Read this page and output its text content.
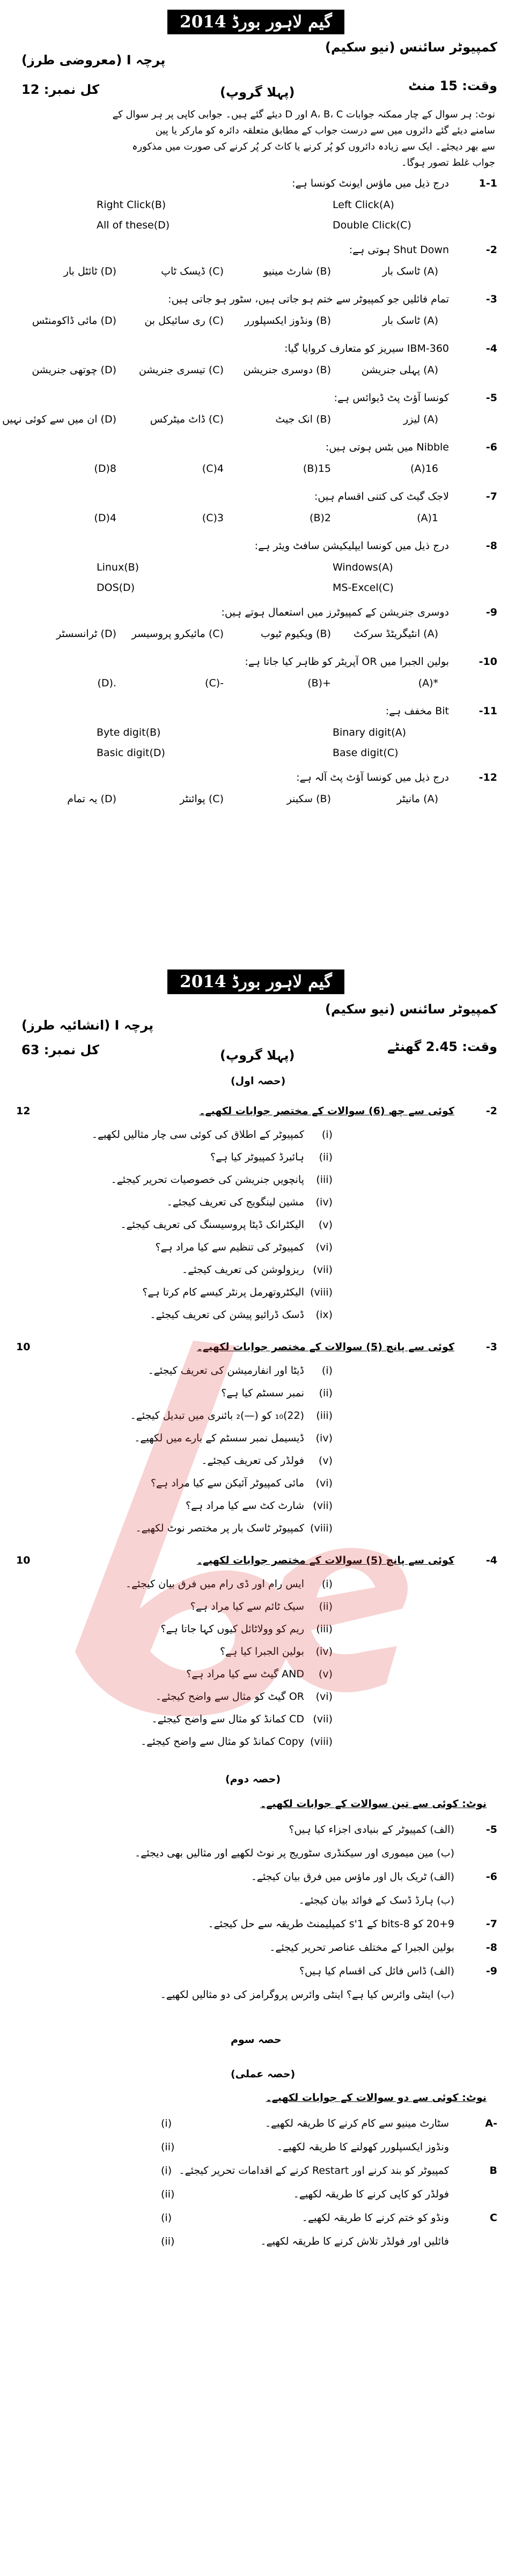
گیم لاہور بورڈ 2014
کمپیوٹر سائنس (نیو سکیم)
پرچہ I (معروضی طرز)
وقت: 15 منٹ
(پہلا گروپ)
کل نمبر: 12
نوٹ: ہر سوال کے چار ممکنہ جوابات A، B، C اور D دیئے گئے ہیں۔ جوابی کاپی پر ہر سوال کے
سامنے دیئے گئے دائروں میں سے درست جواب کے مطابق متعلقہ دائرہ کو مارکر یا پین
سے بھر دیجئے۔ ایک سے زیادہ دائروں کو پُر کرنے یا کاٹ کر پُر کرنے کی صورت میں مذکورہ
جواب غلط تصور ہوگا۔
1-1
درج ذیل میں ماؤس ایونٹ کونسا ہے:
Left Click(A)
Right Click(B)
Double Click(C)
All of these(D)
-2
Shut Down ہوتی ہے:
(A) ٹاسک بار
(B) شارٹ مینیو
(C) ڈیسک ٹاپ
(D) ٹائٹل بار
-3
تمام فائلیں جو کمپیوٹر سے ختم ہو جاتی ہیں، سٹور ہو جاتی ہیں:
(A) ٹاسک بار
(B) ونڈوز ایکسپلورر
(C) ری سائیکل بن
(D) مائی ڈاکومنٹس
-4
360-IBM سیریز کو متعارف کروایا گیا:
(A) پہلی جنریشن
(B) دوسری جنریشن
(C) تیسری جنریشن
(D) چوتھی جنریشن
-5
کونسا آؤٹ پٹ ڈیوائس ہے:
(A) لیزر
(B) انک جیٹ
(C) ڈاٹ میٹرکس
(D) ان میں سے کوئی نہیں
-6
Nibble میں بٹس ہوتی ہیں:
16(A)
15(B)
4(C)
8(D)
-7
لاجک گیٹ کی کتنی اقسام ہیں:
1(A)
2(B)
3(C)
4(D)
-8
درج ذیل میں کونسا ایپلیکیشن سافٹ ویئر ہے:
Windows(A)
Linux(B)
MS-Excel(C)
DOS(D)
-9
دوسری جنریشن کے کمپیوٹرز میں استعمال ہوتے ہیں:
(A) انٹیگریٹڈ سرکٹ
(B) ویکیوم ٹیوب
(C) مائیکرو پروسیسر
(D) ٹرانسسٹر
-10
بولین الجبرا میں OR آپریٹر کو ظاہر کیا جاتا ہے:
*(A)
+(B)
-(C)
.(D)
-11
Bit مخفف ہے:
Binary digit(A)
Byte digit(B)
Base digit(C)
Basic digit(D)
-12
درج ذیل میں کونسا آؤٹ پٹ آلہ ہے:
(A) مانیٹر
(B) سکینر
(C) پوائنٹر
(D) یہ تمام
گیم لاہور بورڈ 2014
کمپیوٹر سائنس (نیو سکیم)
پرچہ I (انشائیہ طرز)
وقت: 2.45 گھنٹے
(پہلا گروپ)
کل نمبر: 63
(حصہ اول)
12	-2
کوئی سے چھ (6) سوالات کے مختصر جوابات لکھیے۔
(i)
کمپیوٹر کے اطلاق کی کوئی سی چار مثالیں لکھیے۔
(ii)
ہائبرڈ کمپیوٹر کیا ہے؟
(iii)
پانچویں جنریشن کی خصوصیات تحریر کیجئے۔
(iv)
مشین لینگویج کی تعریف کیجئے۔
(v)
الیکٹرانک ڈیٹا پروسیسنگ کی تعریف کیجئے۔
(vi)
کمپیوٹر کی تنظیم سے کیا مراد ہے؟
(vii)
ریزولوشن کی تعریف کیجئے۔
(viii)
الیکٹروتھرمل پرنٹر کیسے کام کرتا ہے؟
(ix)
ڈسک ڈرائیو پیشن کی تعریف کیجئے۔
10	-3
کوئی سے پانچ (5) سوالات کے مختصر جوابات لکھیے۔
(i)
ڈیٹا اور انفارمیشن کی تعریف کیجئے۔
(ii)
نمبر سسٹم کیا ہے؟
(iii)
(22)₁₀ کو (—)₂ بائنری میں تبدیل کیجئے۔
(iv)
ڈیسیمل نمبر سسٹم کے بارے میں لکھیے۔
(v)
فولڈر کی تعریف کیجئے۔
(vi)
مائی کمپیوٹر آئیکن سے کیا مراد ہے؟
(vii)
شارٹ کٹ سے کیا مراد ہے؟
(viii)
کمپیوٹر ٹاسک بار پر مختصر نوٹ لکھیے۔
10	-4
کوئی سے پانچ (5) سوالات کے مختصر جوابات لکھیے۔
(i)
ایس رام اور ڈی رام میں فرق بیان کیجئے۔
(ii)
سیک ٹائم سے کیا مراد ہے؟
(iii)
ریم کو وولاٹائل کیوں کہا جاتا ہے؟
(iv)
بولین الجبرا کیا ہے؟
(v)
AND گیٹ سے کیا مراد ہے؟
(vi)
OR گیٹ کو مثال سے واضح کیجئے۔
(vii)
CD کمانڈ کو مثال سے واضح کیجئے۔
(viii)
Copy کمانڈ کو مثال سے واضح کیجئے۔
(حصہ دوم)
نوٹ: کوئی سے تین سوالات کے جوابات لکھیے۔
-5
(الف) کمپیوٹر کے بنیادی اجزاء کیا ہیں؟
(ب) مین میموری اور سیکنڈری سٹوریج پر نوٹ لکھیے اور مثالیں بھی دیجئے۔
-6
(الف) ٹریک بال اور ماؤس میں فرق بیان کیجئے۔
(ب) ہارڈ ڈسک کے فوائد بیان کیجئے۔
-7
20+9 کو 8-bits کے 1's کمپلیمنٹ طریقہ سے حل کیجئے۔
-8
بولین الجبرا کے مختلف عناصر تحریر کیجئے۔
-9
(الف) ڈاس فائل کی اقسام کیا ہیں؟
(ب) اینٹی وائرس کیا ہے؟ اینٹی وائرس پروگرامز کی دو مثالیں لکھیے۔
حصہ سوم
(حصہ عملی)
نوٹ: کوئی سے دو سوالات کے جوابات لکھیے۔
A-
(i)	سٹارٹ مینیو سے کام کرنے کا طریقہ لکھیے۔
(ii)	ونڈوز ایکسپلورر کھولنے کا طریقہ لکھیے۔
B
(i) کمپیوٹر کو بند کرنے اور Restart کرنے کے اقدامات تحریر کیجئے۔
(ii)	فولڈر کو کاپی کرنے کا طریقہ لکھیے۔
C
(i)	ونڈو کو ختم کرنے کا طریقہ لکھیے۔
(ii)	فائلیں اور فولڈر تلاش کرنے کا طریقہ لکھیے۔
